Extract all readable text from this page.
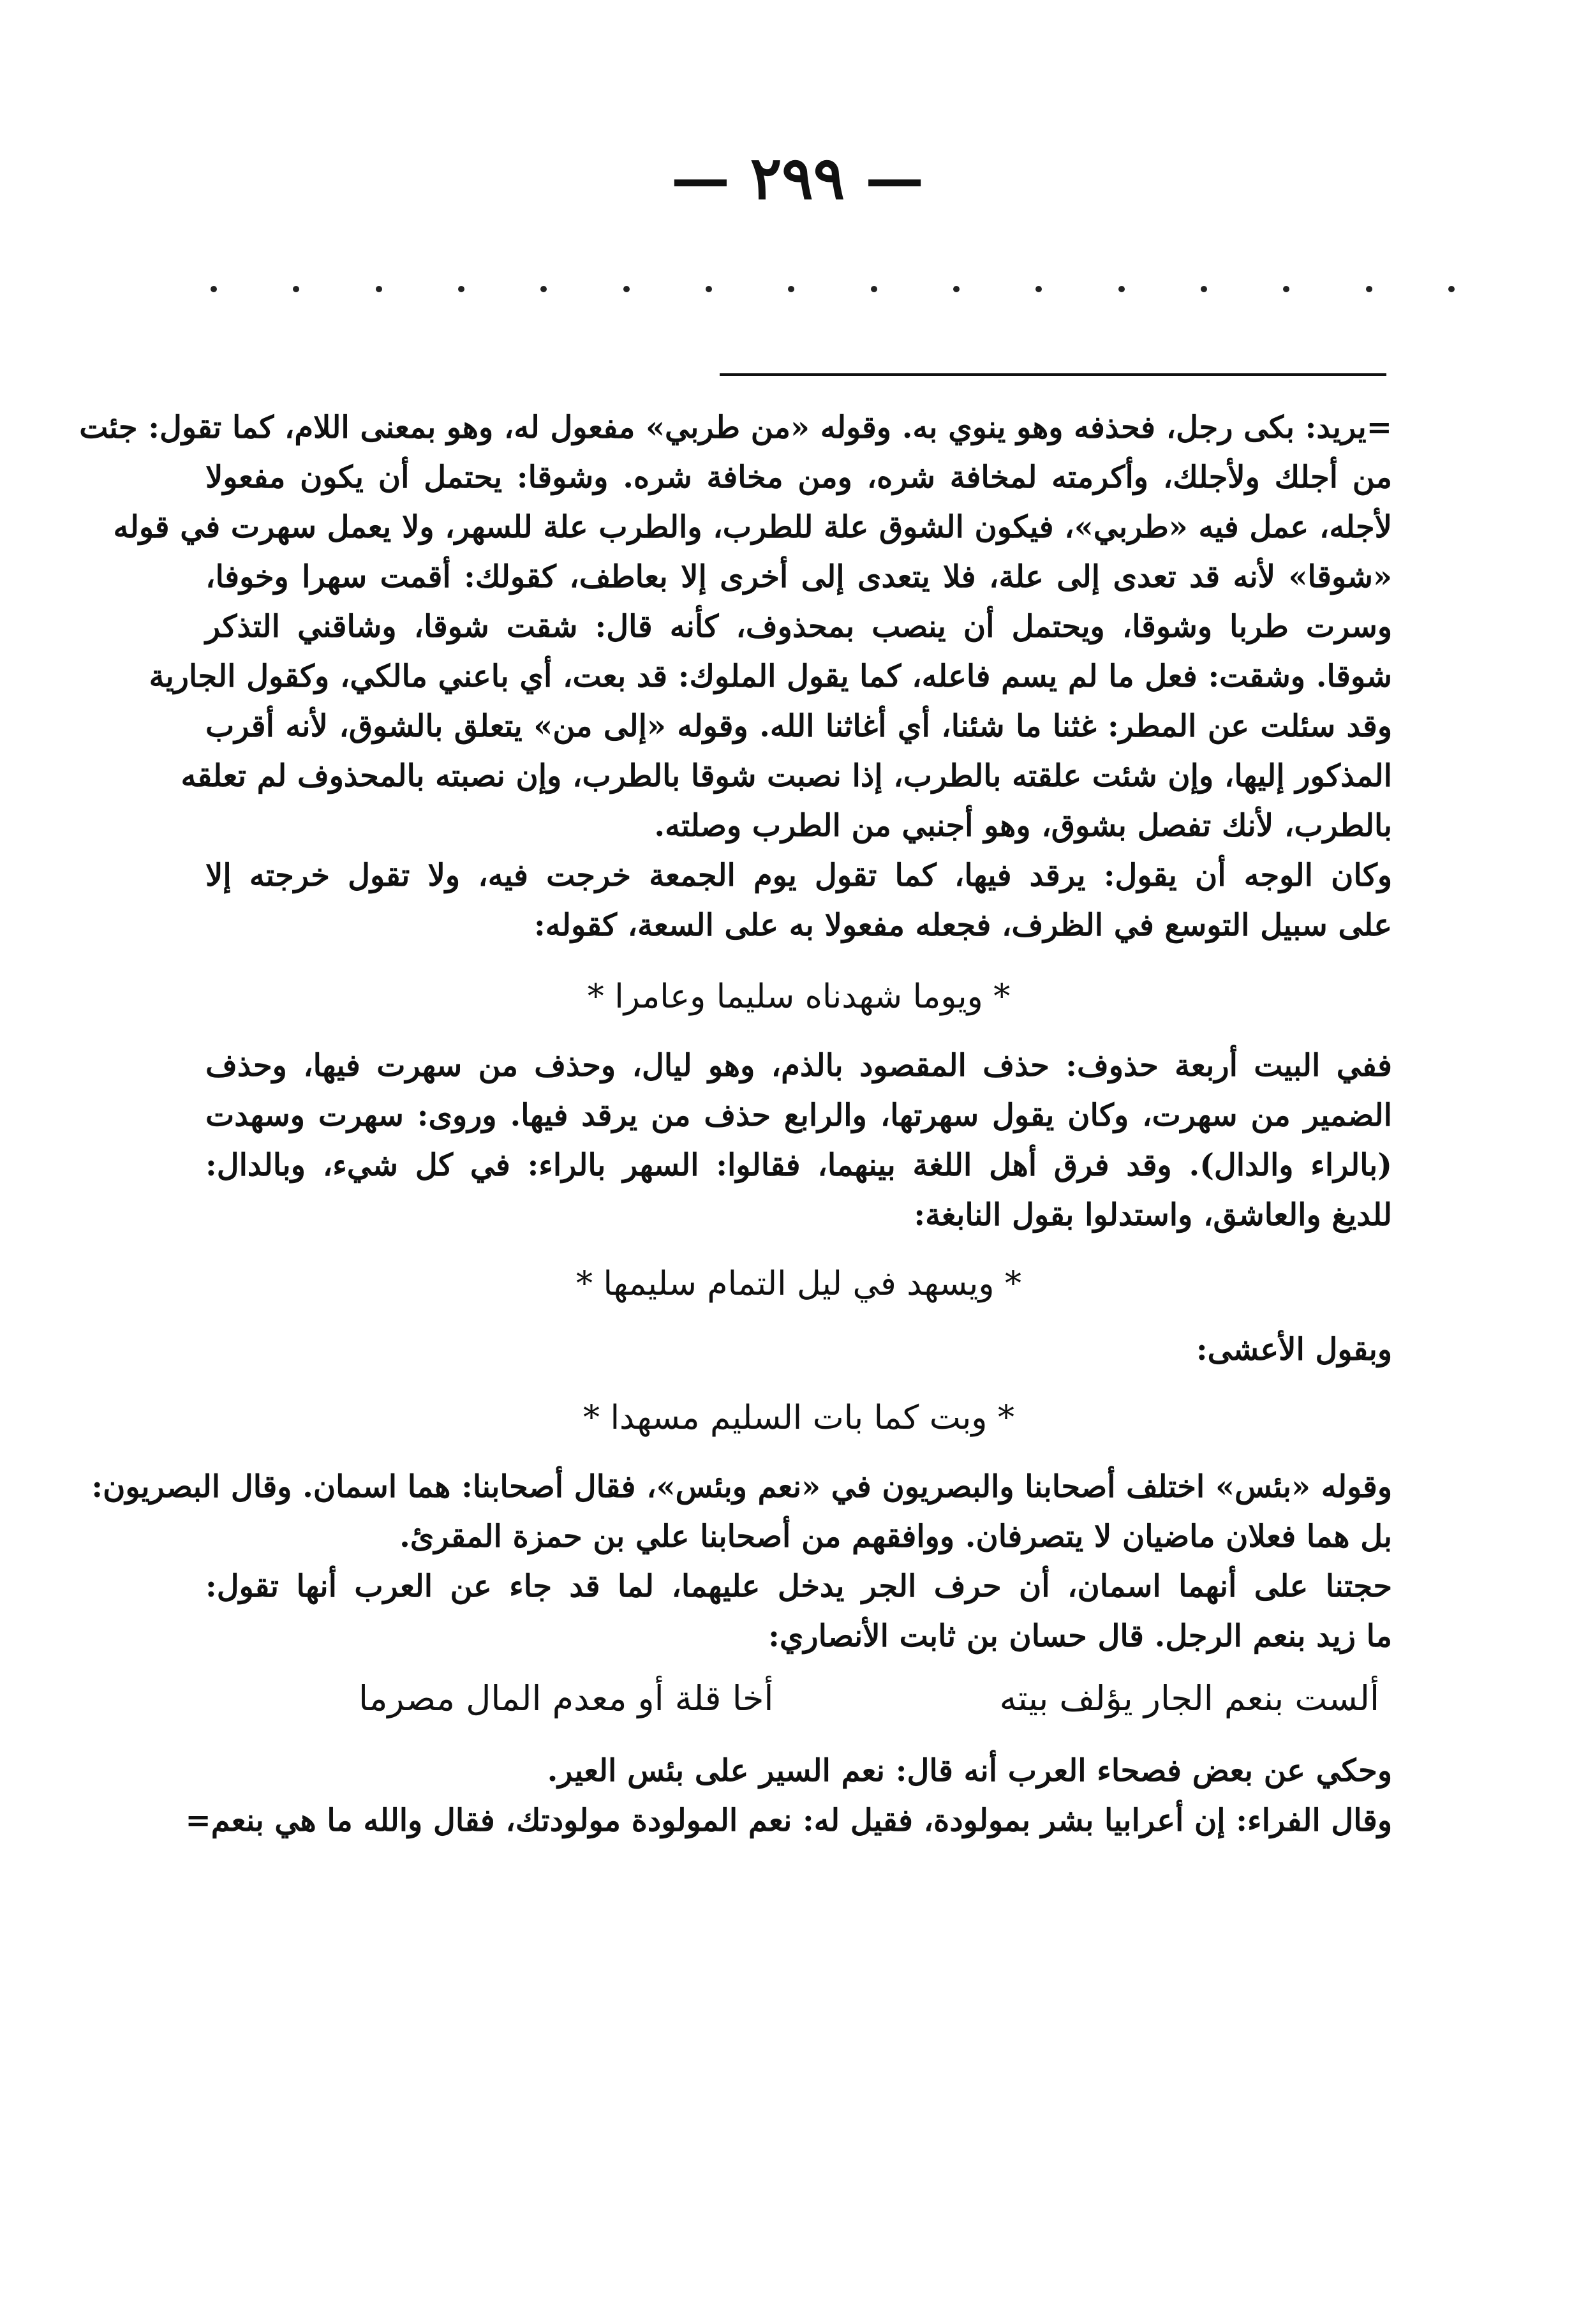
— ٢٩٩ —
=يريد: بكى رجل، فحذفه وهو ينوي به. وقوله «من طربي» مفعول له، وهو بمعنى اللام، كما تقول: جئت
من أجلك ولأجلك، وأكرمته لمخافة شره، ومن مخافة شره. وشوقا: يحتمل أن يكون مفعولا
لأجله، عمل فيه «طربي»، فيكون الشوق علة للطرب، والطرب علة للسهر، ولا يعمل سهرت في قوله
«شوقا» لأنه قد تعدى إلى علة، فلا يتعدى إلى أخرى إلا بعاطف، كقولك: أقمت سهرا وخوفا،
وسرت طربا وشوقا، ويحتمل أن ينصب بمحذوف، كأنه قال: شقت شوقا، وشاقني التذكر
شوقا. وشقت: فعل ما لم يسم فاعله، كما يقول الملوك: قد بعت، أي باعني مالكي، وكقول الجارية
وقد سئلت عن المطر: غثنا ما شئنا، أي أغاثنا الله. وقوله «إلى من» يتعلق بالشوق، لأنه أقرب
المذكور إليها، وإن شئت علقته بالطرب، إذا نصبت شوقا بالطرب، وإن نصبته بالمحذوف لم تعلقه
بالطرب، لأنك تفصل بشوق، وهو أجنبي من الطرب وصلته.
وكان الوجه أن يقول: يرقد فيها، كما تقول يوم الجمعة خرجت فيه، ولا تقول خرجته إلا
على سبيل التوسع في الظرف، فجعله مفعولا به على السعة، كقوله:
* ويوما شهدناه سليما وعامرا *
ففي البيت أربعة حذوف: حذف المقصود بالذم، وهو ليال، وحذف من سهرت فيها، وحذف
الضمير من سهرت، وكان يقول سهرتها، والرابع حذف من يرقد فيها. وروى: سهرت وسهدت
(بالراء والدال). وقد فرق أهل اللغة بينهما، فقالوا: السهر بالراء: في كل شيء، وبالدال:
للديغ والعاشق، واستدلوا بقول النابغة:
* ويسهد في ليل التمام سليمها *
وبقول الأعشى:
* وبت كما بات السليم مسهدا *
وقوله «بئس» اختلف أصحابنا والبصريون في «نعم وبئس»، فقال أصحابنا: هما اسمان. وقال البصريون:
بل هما فعلان ماضيان لا يتصرفان. ووافقهم من أصحابنا علي بن حمزة المقرئ.
حجتنا على أنهما اسمان، أن حرف الجر يدخل عليهما، لما قد جاء عن العرب أنها تقول:
ما زيد بنعم الرجل. قال حسان بن ثابت الأنصاري:
ألست بنعم الجار يؤلف بيته
أخا قلة أو معدم المال مصرما
وحكي عن بعض فصحاء العرب أنه قال: نعم السير على بئس العير.
وقال الفراء: إن أعرابيا بشر بمولودة، فقيل له: نعم المولودة مولودتك، فقال والله ما هي بنعم=
